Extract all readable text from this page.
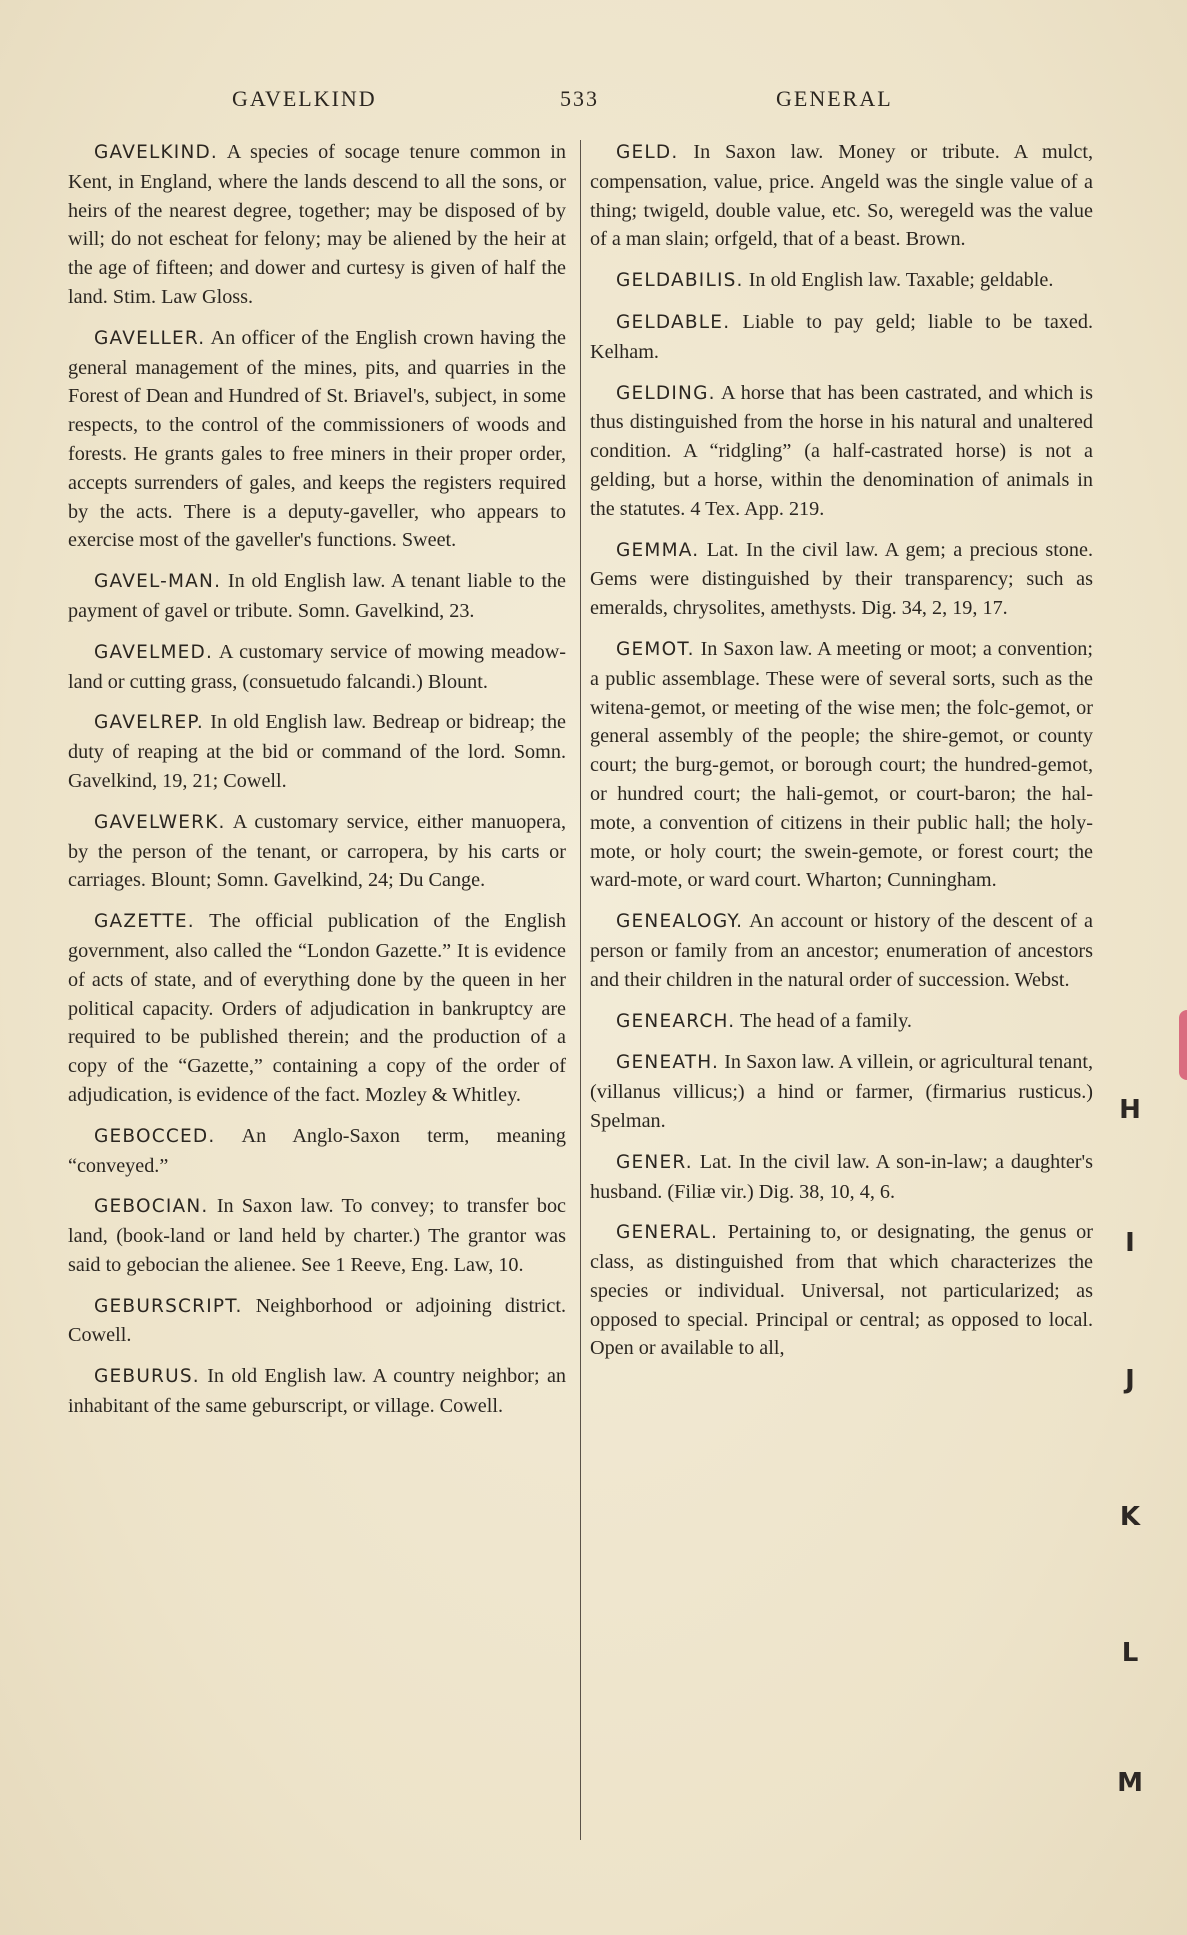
GAVELKIND	533	GENERAL

GAVELKIND. A species of socage tenure common in Kent, in England, where the lands descend to all the sons, or heirs of the nearest degree, together; may be disposed of by will; do not escheat for felony; may be aliened by the heir at the age of fifteen; and dower and curtesy is given of half the land. Stim. Law Gloss.

GAVELLER. An officer of the English crown having the general management of the mines, pits, and quarries in the Forest of Dean and Hundred of St. Briavel's, subject, in some respects, to the control of the commissioners of woods and forests. He grants gales to free miners in their proper order, accepts surrenders of gales, and keeps the registers required by the acts. There is a deputy-gaveller, who appears to exercise most of the gaveller's functions. Sweet.

GAVEL-MAN. In old English law. A tenant liable to the payment of gavel or tribute. Somn. Gavelkind, 23.

GAVELMED. A customary service of mowing meadow-land or cutting grass, (consuetudo falcandi.) Blount.

GAVELREP. In old English law. Bedreap or bidreap; the duty of reaping at the bid or command of the lord. Somn. Gavelkind, 19, 21; Cowell.

GAVELWERK. A customary service, either manuopera, by the person of the tenant, or carropera, by his carts or carriages. Blount; Somn. Gavelkind, 24; Du Cange.

GAZETTE. The official publication of the English government, also called the “London Gazette.” It is evidence of acts of state, and of everything done by the queen in her political capacity. Orders of adjudication in bankruptcy are required to be published therein; and the production of a copy of the “Gazette,” containing a copy of the order of adjudication, is evidence of the fact. Mozley & Whitley.

GEBOCCED. An Anglo-Saxon term, meaning “conveyed.”

GEBOCIAN. In Saxon law. To convey; to transfer boc land, (book-land or land held by charter.) The grantor was said to gebocian the alienee. See 1 Reeve, Eng. Law, 10.

GEBURSCRIPT. Neighborhood or adjoining district. Cowell.

GEBURUS. In old English law. A country neighbor; an inhabitant of the same geburscript, or village. Cowell.

GELD. In Saxon law. Money or tribute. A mulct, compensation, value, price. Angeld was the single value of a thing; twigeld, double value, etc. So, weregeld was the value of a man slain; orfgeld, that of a beast. Brown.

GELDABILIS. In old English law. Taxable; geldable.

GELDABLE. Liable to pay geld; liable to be taxed. Kelham.

GELDING. A horse that has been castrated, and which is thus distinguished from the horse in his natural and unaltered condition. A “ridgling” (a half-castrated horse) is not a gelding, but a horse, within the denomination of animals in the statutes. 4 Tex. App. 219.

GEMMA. Lat. In the civil law. A gem; a precious stone. Gems were distinguished by their transparency; such as emeralds, chrysolites, amethysts. Dig. 34, 2, 19, 17.

GEMOT. In Saxon law. A meeting or moot; a convention; a public assemblage. These were of several sorts, such as the witena-gemot, or meeting of the wise men; the folc-gemot, or general assembly of the people; the shire-gemot, or county court; the burg-gemot, or borough court; the hundred-gemot, or hundred court; the hali-gemot, or court-baron; the hal-mote, a convention of citizens in their public hall; the holy-mote, or holy court; the swein-gemote, or forest court; the ward-mote, or ward court. Wharton; Cunningham.

GENEALOGY. An account or history of the descent of a person or family from an ancestor; enumeration of ancestors and their children in the natural order of succession. Webst.

GENEARCH. The head of a family.

GENEATH. In Saxon law. A villein, or agricultural tenant, (villanus villicus;) a hind or farmer, (firmarius rusticus.) Spelman.

GENER. Lat. In the civil law. A son-in-law; a daughter's husband. (Filiæ vir.) Dig. 38, 10, 4, 6.

GENERAL. Pertaining to, or designating, the genus or class, as distinguished from that which characterizes the species or individual. Universal, not particularized; as opposed to special. Principal or central; as opposed to local. Open or available to all,

H
I
J
K
L
M
